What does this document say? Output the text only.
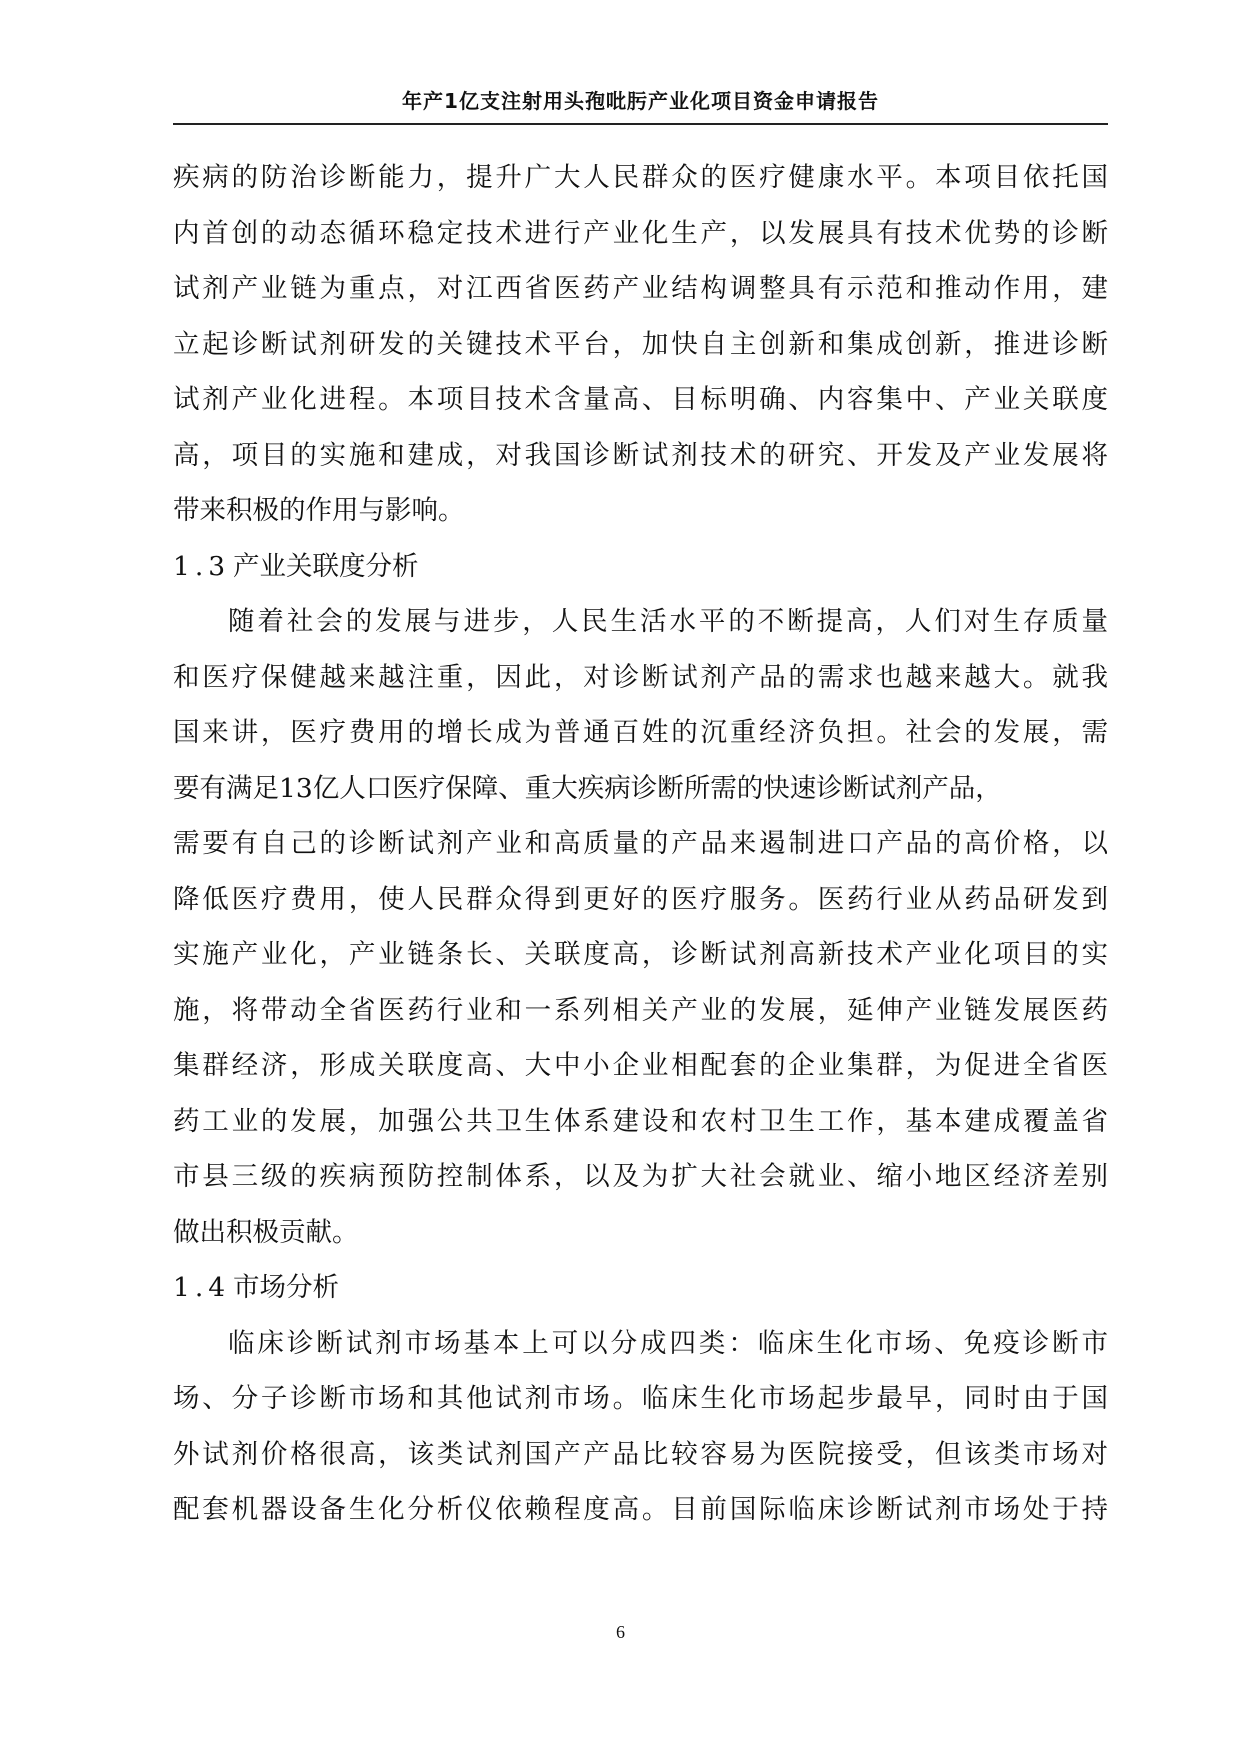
年产1亿支注射用头孢吡肟产业化项目资金申请报告
疾病的防治诊断能力，提升广大人民群众的医疗健康水平。本项目依托国
内首创的动态循环稳定技术进行产业化生产，以发展具有技术优势的诊断
试剂产业链为重点，对江西省医药产业结构调整具有示范和推动作用，建
立起诊断试剂研发的关键技术平台，加快自主创新和集成创新，推进诊断
试剂产业化进程。本项目技术含量高、目标明确、内容集中、产业关联度
高，项目的实施和建成，对我国诊断试剂技术的研究、开发及产业发展将
带来积极的作用与影响。
1.3 产业关联度分析
随着社会的发展与进步，人民生活水平的不断提高，人们对生存质量
和医疗保健越来越注重，因此，对诊断试剂产品的需求也越来越大。就我
国来讲，医疗费用的增长成为普通百姓的沉重经济负担。社会的发展，需
要有满足13亿人口医疗保障、重大疾病诊断所需的快速诊断试剂产品，
需要有自己的诊断试剂产业和高质量的产品来遏制进口产品的高价格，以
降低医疗费用，使人民群众得到更好的医疗服务。医药行业从药品研发到
实施产业化，产业链条长、关联度高，诊断试剂高新技术产业化项目的实
施，将带动全省医药行业和一系列相关产业的发展，延伸产业链发展医药
集群经济，形成关联度高、大中小企业相配套的企业集群，为促进全省医
药工业的发展，加强公共卫生体系建设和农村卫生工作，基本建成覆盖省
市县三级的疾病预防控制体系，以及为扩大社会就业、缩小地区经济差别
做出积极贡献。
1.4 市场分析
临床诊断试剂市场基本上可以分成四类：临床生化市场、免疫诊断市
场、分子诊断市场和其他试剂市场。临床生化市场起步最早，同时由于国
外试剂价格很高，该类试剂国产产品比较容易为医院接受，但该类市场对
配套机器设备生化分析仪依赖程度高。目前国际临床诊断试剂市场处于持
6
